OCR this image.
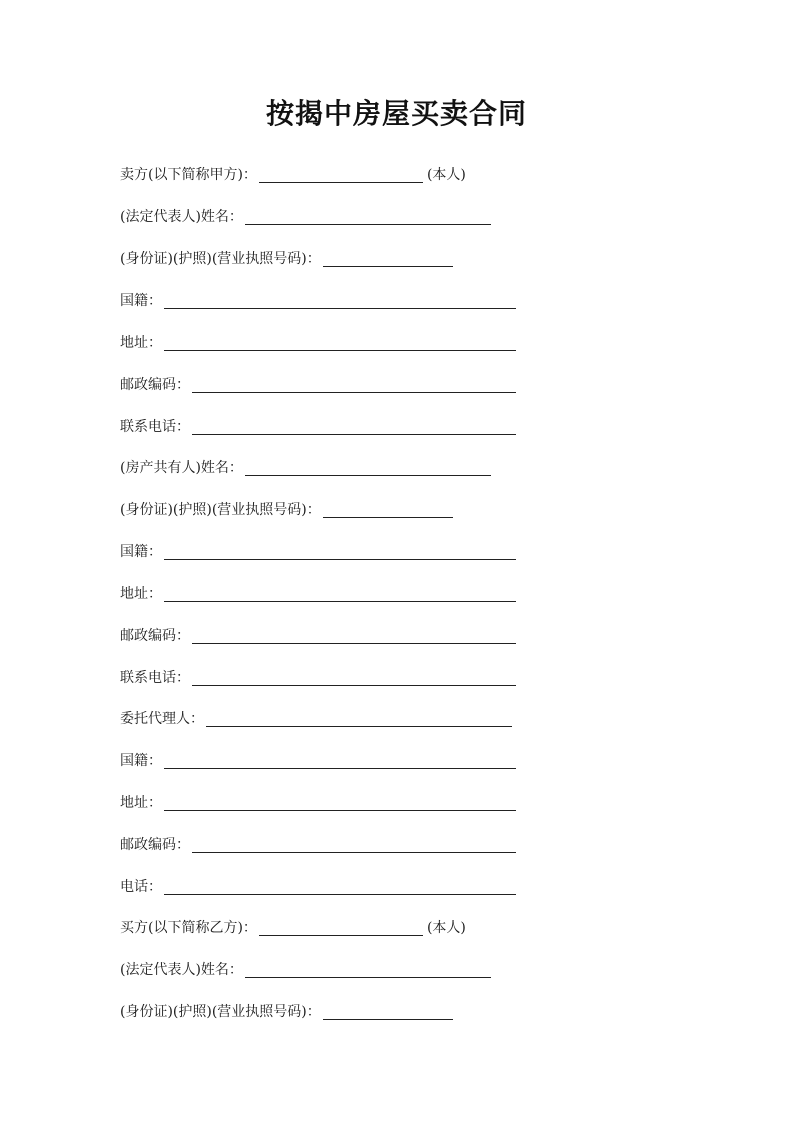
按揭中房屋买卖合同
卖方(以下简称甲方)：	(本人)
(法定代表人)姓名：
(身份证)(护照)(营业执照号码)：
国籍：
地址：
邮政编码：
联系电话：
(房产共有人)姓名：
(身份证)(护照)(营业执照号码)：
国籍：
地址：
邮政编码：
联系电话：
委托代理人：
国籍：
地址：
邮政编码：
电话：
买方(以下简称乙方)：	(本人)
(法定代表人)姓名：
(身份证)(护照)(营业执照号码)：
